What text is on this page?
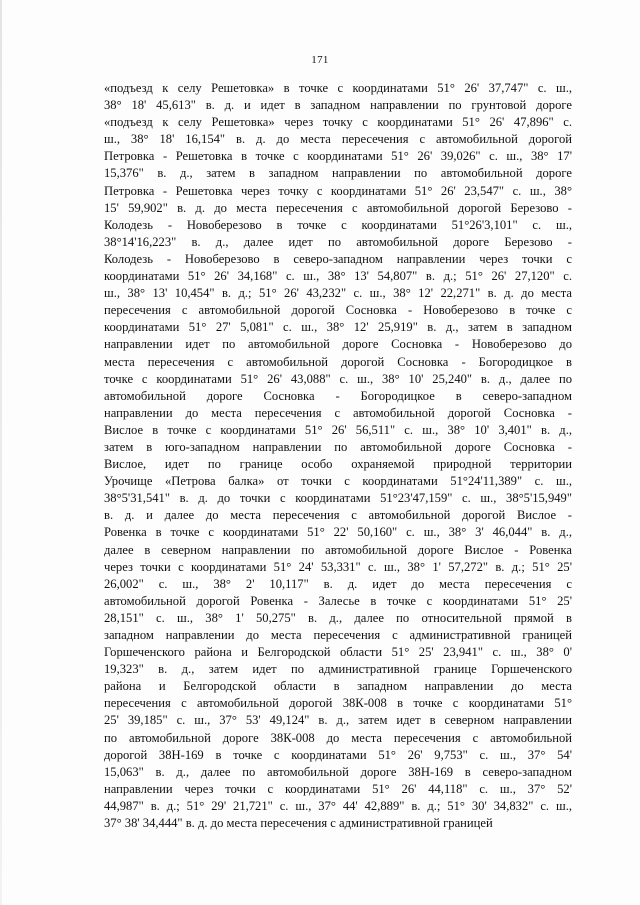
171
«подъезд к селу Решетовка» в точке с координатами 51° 26' 37,747" с. ш.,
38° 18' 45,613" в. д. и идет в западном направлении по грунтовой дороге
«подъезд к селу Решетовка» через точку с координатами 51° 26' 47,896" с.
ш., 38° 18' 16,154" в. д. до места пересечения с автомобильной дорогой
Петровка - Решетовка в точке с координатами 51° 26' 39,026" с. ш., 38° 17'
15,376" в. д., затем в западном направлении по автомобильной дороге
Петровка - Решетовка через точку с координатами 51° 26' 23,547" с. ш., 38°
15' 59,902" в. д. до места пересечения с автомобильной дорогой Березово -
Колодезь - Новоберезово в точке с координатами 51°26'3,101" с. ш.,
38°14'16,223" в. д., далее идет по автомобильной дороге Березово -
Колодезь - Новоберезово в северо-западном направлении через точки с
координатами 51° 26' 34,168" с. ш., 38° 13' 54,807" в. д.; 51° 26' 27,120" с.
ш., 38° 13' 10,454" в. д.; 51° 26' 43,232" с. ш., 38° 12' 22,271" в. д. до места
пересечения с автомобильной дорогой Сосновка - Новоберезово в точке с
координатами 51° 27' 5,081" с. ш., 38° 12' 25,919" в. д., затем в западном
направлении идет по автомобильной дороге Сосновка - Новоберезово до
места пересечения с автомобильной дорогой Сосновка - Богородицкое в
точке с координатами 51° 26' 43,088" с. ш., 38° 10' 25,240" в. д., далее по
автомобильной дороге Сосновка - Богородицкое в северо-западном
направлении до места пересечения с автомобильной дорогой Сосновка -
Вислое в точке с координатами 51° 26' 56,511" с. ш., 38° 10' 3,401" в. д.,
затем в юго-западном направлении по автомобильной дороге Сосновка -
Вислое, идет по границе особо охраняемой природной территории
Урочище «Петрова балка» от точки с координатами 51°24'11,389" с. ш.,
38°5'31,541" в. д. до точки с координатами 51°23'47,159" с. ш., 38°5'15,949"
в. д. и далее до места пересечения с автомобильной дорогой Вислое -
Ровенка в точке с координатами 51° 22' 50,160" с. ш., 38° 3' 46,044" в. д.,
далее в северном направлении по автомобильной дороге Вислое - Ровенка
через точки с координатами 51° 24' 53,331" с. ш., 38° 1' 57,272" в. д.; 51° 25'
26,002" с. ш., 38° 2' 10,117" в. д. идет до места пересечения с
автомобильной дорогой Ровенка - Залесье в точке с координатами 51° 25'
28,151" с. ш., 38° 1' 50,275" в. д., далее по относительной прямой в
западном направлении до места пересечения с административной границей
Горшеченского района и Белгородской области 51° 25' 23,941" с. ш., 38° 0'
19,323" в. д., затем идет по административной границе Горшеченского
района и Белгородской области в западном направлении до места
пересечения с автомобильной дорогой 38К-008 в точке с координатами 51°
25' 39,185" с. ш., 37° 53' 49,124" в. д., затем идет в северном направлении
по автомобильной дороге 38К-008 до места пересечения с автомобильной
дорогой 38Н-169 в точке с координатами 51° 26' 9,753" с. ш., 37° 54'
15,063" в. д., далее по автомобильной дороге 38Н-169 в северо-западном
направлении через точки с координатами 51° 26' 44,118" с. ш., 37° 52'
44,987" в. д.; 51° 29' 21,721" с. ш., 37° 44' 42,889" в. д.; 51° 30' 34,832" с. ш.,
37° 38' 34,444" в. д. до места пересечения с административной границей
